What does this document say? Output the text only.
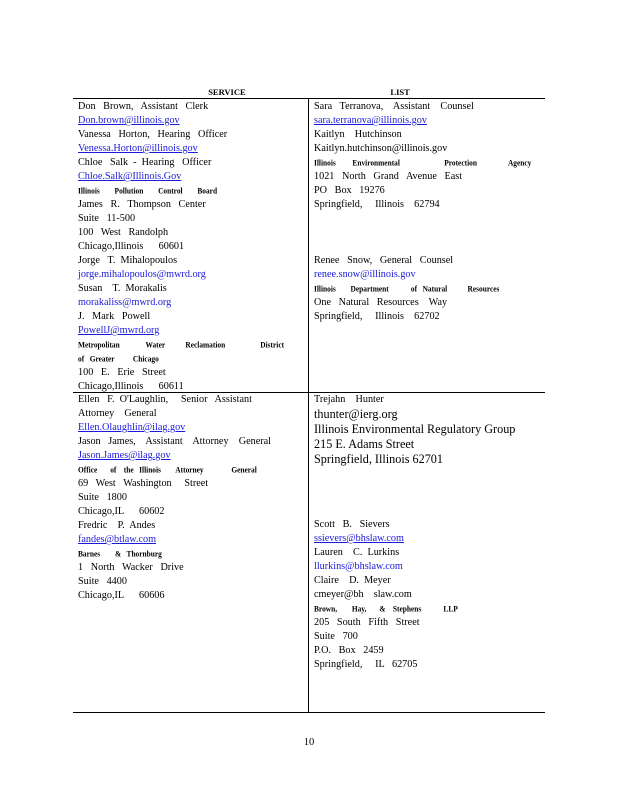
SERVICE      LIST
Don   Brown,   Assistant   Clerk
Don.brown@illinois.gov
Vanessa   Horton,   Hearing   Officer
Venessa.Horton@illinois.gov
Chloe   Salk  -  Hearing   Officer
Chloe.Salk@Illinois.Gov
Illinois        Pollution        Control        Board
James   R.   Thompson   Center
Suite   11-500
100   West   Randolph
Chicago,Illinois      60601
Jorge   T.  Mihalopoulos
jorge.mihalopoulos@mwrd.org
Susan    T.  Morakalis
morakaliss@mwrd.org
J.   Mark   Powell
PowellJ@mwrd.org
Metropolitan              Water           Reclamation                   District
of   Greater          Chicago
100   E.   Erie   Street
Chicago,Illinois      60611
Sara   Terranova,    Assistant    Counsel
sara.terranova@illinois.gov
Kaitlyn    Hutchinson
Kaitlyn.hutchinson@illinois.gov
Illinois         Environmental                        Protection                 Agency
1021   North   Grand   Avenue   East
PO   Box   19276
Springfield,     Illinois    62794

Renee   Snow,   General   Counsel
renee.snow@illinois.gov
Illinois        Department            of   Natural           Resources
One   Natural   Resources    Way
Springfield,     Illinois    62702
Ellen   F.  O'Laughlin,     Senior   Assistant
Attorney    General
Ellen.Olaughlin@ilag.gov
Jason   James,    Assistant    Attorney    General
Jason.James@ilag.gov
Office       of    the   Illinois        Attorney               General
69   West   Washington     Street
Suite   1800
Chicago,IL      60602
Fredric    P.  Andes
fandes@btlaw.com
Barnes        &   Thornburg
1   North   Wacker   Drive
Suite   4400
Chicago,IL      60606
Trejahn    Hunter
thunter@ierg.org
Illinois Environmental Regulatory Group
215 E. Adams Street
Springfield, Illinois 62701
Scott   B.   Sievers
ssievers@bhslaw.com
Lauren    C.  Lurkins
llurkins@bhslaw.com
Claire    D.  Meyer
cmeyer@bh    slaw.com
Brown,        Hay,       &    Stephens            LLP
205   South   Fifth   Street
Suite   700
P.O.   Box   2459
Springfield,     IL   62705
10
